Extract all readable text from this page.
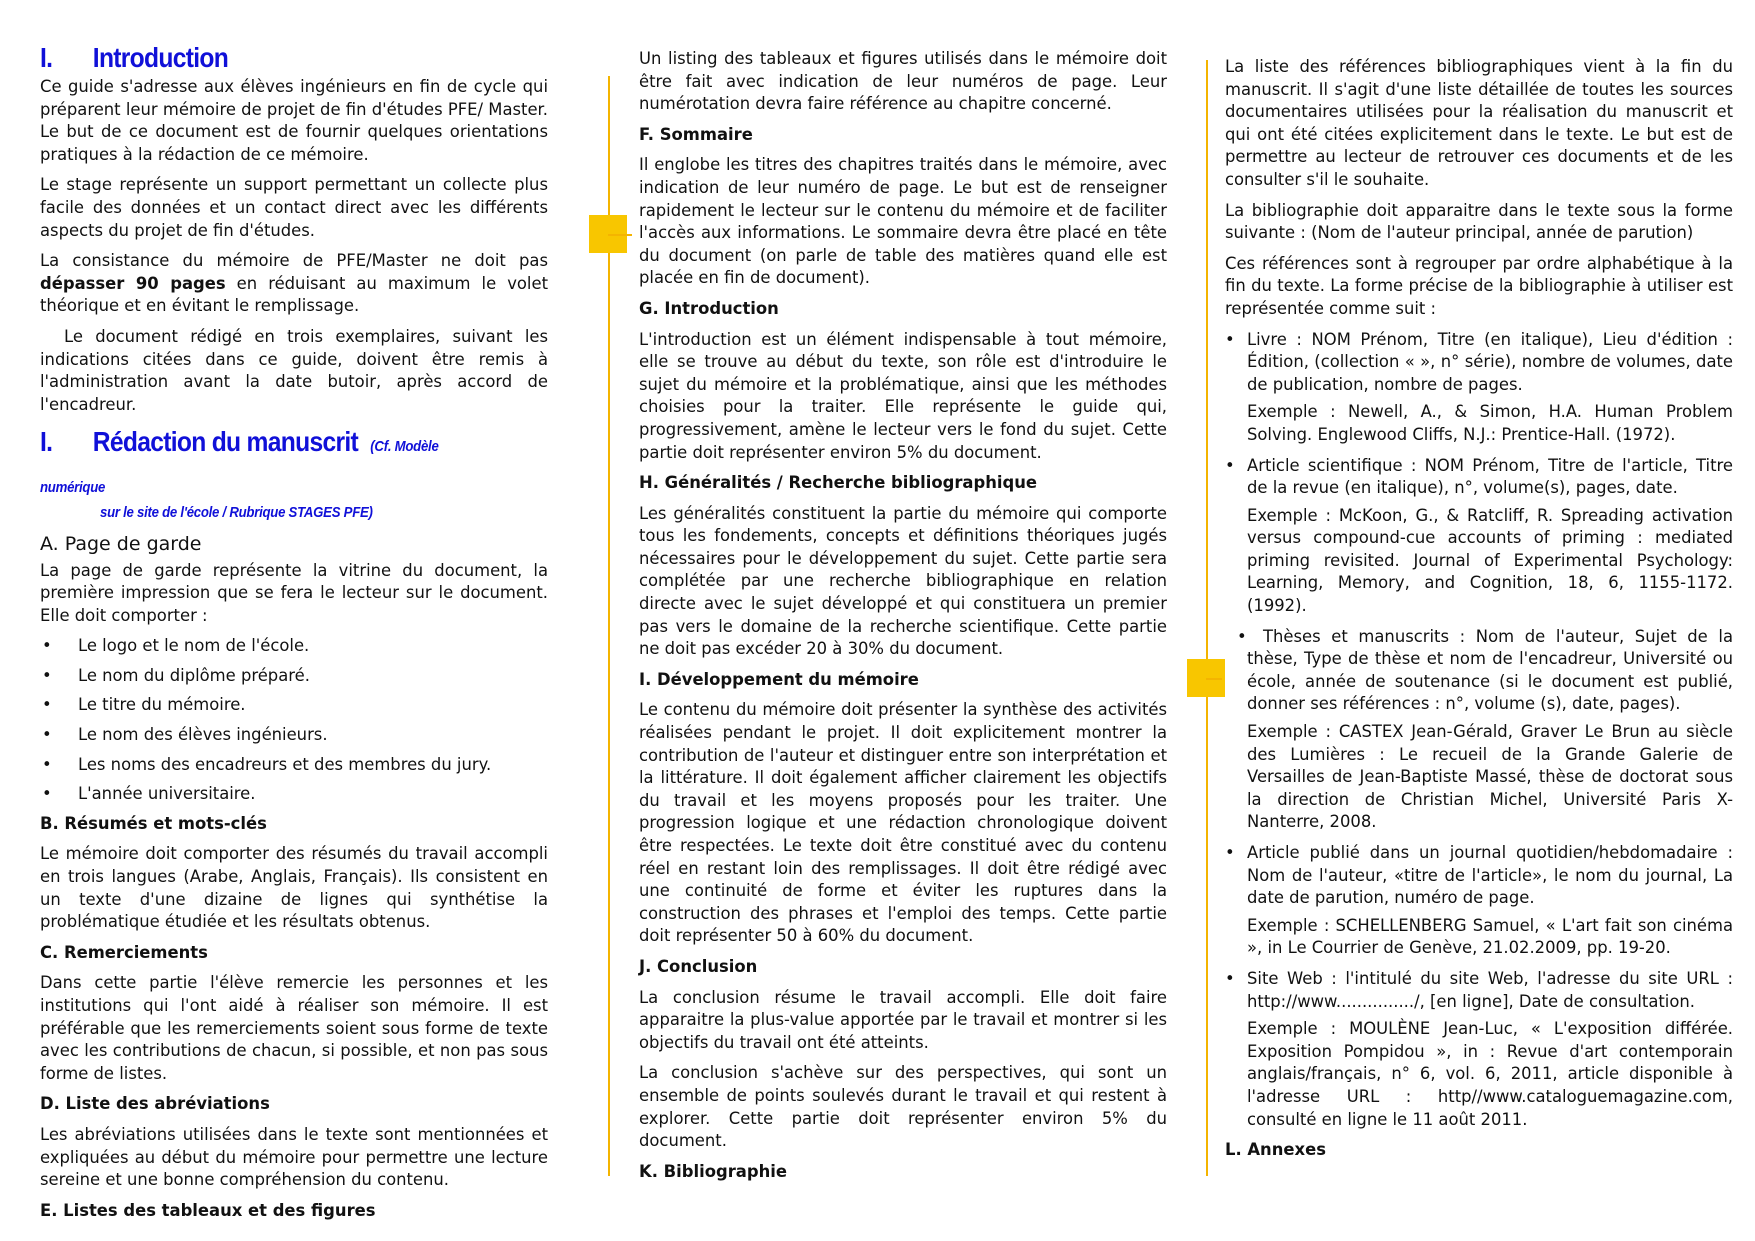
I. Introduction

Ce guide s'adresse aux élèves ingénieurs en fin de cycle qui préparent leur mémoire de projet de fin d'études PFE/ Master. Le but de ce document est de fournir quelques orientations pratiques à la rédaction de ce mémoire.

Le stage représente un support permettant un collecte plus facile des données et un contact direct avec les différents aspects du projet de fin d'études.

La consistance du mémoire de PFE/Master ne doit pas dépasser 90 pages en réduisant au maximum le volet théorique et en évitant le remplissage.

Le document rédigé en trois exemplaires, suivant les indications citées dans ce guide, doivent être remis à l'administration avant la date butoir, après accord de l'encadreur.

I. Rédaction du manuscrit (Cf. Modèle numérique
sur le site de l'école / Rubrique STAGES PFE)
A. Page de garde

La page de garde représente la vitrine du document, la première impression que se fera le lecteur sur le document. Elle doit comporter :

• Le logo et le nom de l'école.
• Le nom du diplôme préparé.
• Le titre du mémoire.
• Le nom des élèves ingénieurs.
• Les noms des encadreurs et des membres du jury.
• L'année universitaire.
B. Résumés et mots-clés

Le mémoire doit comporter des résumés du travail accompli en trois langues (Arabe, Anglais, Français). Ils consistent en un texte d'une dizaine de lignes qui synthétise la problématique étudiée et les résultats obtenus.

C. Remerciements

Dans cette partie l'élève remercie les personnes et les institutions qui l'ont aidé à réaliser son mémoire. Il est préférable que les remerciements soient sous forme de texte avec les contributions de chacun, si possible, et non pas sous forme de listes.

D. Liste des abréviations

Les abréviations utilisées dans le texte sont mentionnées et expliquées au début du mémoire pour permettre une lecture sereine et une bonne compréhension du contenu.

E. Listes des tableaux et des figures

Un listing des tableaux et figures utilisés dans le mémoire doit être fait avec indication de leur numéros de page. Leur numérotation devra faire référence au chapitre concerné.

F. Sommaire

Il englobe les titres des chapitres traités dans le mémoire, avec indication de leur numéro de page. Le but est de renseigner rapidement le lecteur sur le contenu du mémoire et de faciliter l'accès aux informations. Le sommaire devra être placé en tête du document (on parle de table des matières quand elle est placée en fin de document).

G. Introduction

L'introduction est un élément indispensable à tout mémoire, elle se trouve au début du texte, son rôle est d'introduire le sujet du mémoire et la problématique, ainsi que les méthodes choisies pour la traiter. Elle représente le guide qui, progressivement, amène le lecteur vers le fond du sujet. Cette partie doit représenter environ 5% du document.

H. Généralités / Recherche bibliographique

Les généralités constituent la partie du mémoire qui comporte tous les fondements, concepts et définitions théoriques jugés nécessaires pour le développement du sujet. Cette partie sera complétée par une recherche bibliographique en relation directe avec le sujet développé et qui constituera un premier pas vers le domaine de la recherche scientifique. Cette partie ne doit pas excéder 20 à 30% du document.

I. Développement du mémoire

Le contenu du mémoire doit présenter la synthèse des activités réalisées pendant le projet. Il doit explicitement montrer la contribution de l'auteur et distinguer entre son interprétation et la littérature. Il doit également afficher clairement les objectifs du travail et les moyens proposés pour les traiter. Une progression logique et une rédaction chronologique doivent être respectées. Le texte doit être constitué avec du contenu réel en restant loin des remplissages. Il doit être rédigé avec une continuité de forme et éviter les ruptures dans la construction des phrases et l'emploi des temps. Cette partie doit représenter 50 à 60% du document.

J. Conclusion

La conclusion résume le travail accompli. Elle doit faire apparaitre la plus-value apportée par le travail et montrer si les objectifs du travail ont été atteints.

La conclusion s'achève sur des perspectives, qui sont un ensemble de points soulevés durant le travail et qui restent à explorer. Cette partie doit représenter environ 5% du document.

K. Bibliographie

La liste des références bibliographiques vient à la fin du manuscrit. Il s'agit d'une liste détaillée de toutes les sources documentaires utilisées pour la réalisation du manuscrit et qui ont été citées explicitement dans le texte. Le but est de permettre au lecteur de retrouver ces documents et de les consulter s'il le souhaite.

La bibliographie doit apparaitre dans le texte sous la forme suivante : (Nom de l'auteur principal, année de parution)

Ces références sont à regrouper par ordre alphabétique à la fin du texte. La forme précise de la bibliographie à utiliser est représentée comme suit :

• Livre : NOM Prénom, Titre (en italique), Lieu d'édition : Édition, (collection « », n° série), nombre de volumes, date de publication, nombre de pages.

Exemple : Newell, A., & Simon, H.A. Human Problem Solving. Englewood Cliffs, N.J.: Prentice-Hall. (1972).

• Article scientifique : NOM Prénom, Titre de l'article, Titre de la revue (en italique), n°, volume(s), pages, date.

Exemple : McKoon, G., & Ratcliff, R. Spreading activation versus compound-cue accounts of priming : mediated priming revisited. Journal of Experimental Psychology: Learning, Memory, and Cognition, 18, 6, 1155-1172. (1992).

• Thèses et manuscrits : Nom de l'auteur, Sujet de la thèse, Type de thèse et nom de l'encadreur, Université ou école, année de soutenance (si le document est publié, donner ses références : n°, volume (s), date, pages).

Exemple : CASTEX Jean-Gérald, Graver Le Brun au siècle des Lumières : Le recueil de la Grande Galerie de Versailles de Jean-Baptiste Massé, thèse de doctorat sous la direction de Christian Michel, Université Paris X-Nanterre, 2008.

• Article publié dans un journal quotidien/hebdomadaire : Nom de l'auteur, «titre de l'article», le nom du journal, La date de parution, numéro de page.

Exemple : SCHELLENBERG Samuel, « L'art fait son cinéma », in Le Courrier de Genève, 21.02.2009, pp. 19-20.

• Site Web : l'intitulé du site Web, l'adresse du site URL : http://www.............../, [en ligne], Date de consultation.

Exemple : MOULÈNE Jean-Luc, « L'exposition différée. Exposition Pompidou », in : Revue d'art contemporain anglais/français, n° 6, vol. 6, 2011, article disponible à l'adresse URL : http//www.cataloguemagazine.com, consulté en ligne le 11 août 2011.

L. Annexes
